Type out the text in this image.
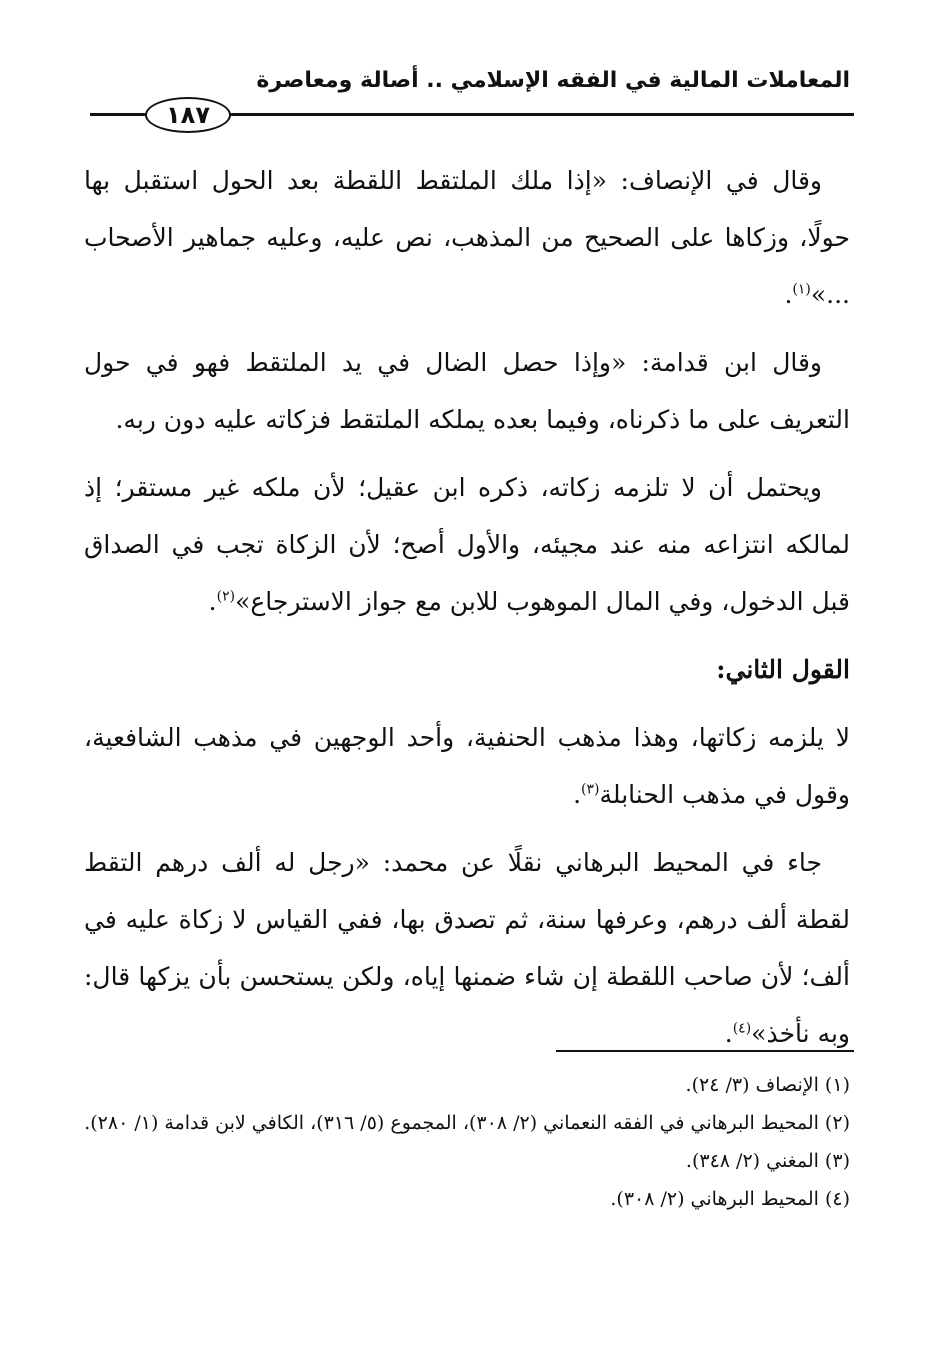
المعاملات المالية في الفقه الإسلامي .. أصالة ومعاصرة
١٨٧

وقال في الإنصاف: «إذا ملك الملتقط اللقطة بعد الحول استقبل بها حولًا، وزكاها على الصحيح من المذهب، نص عليه، وعليه جماهير الأصحاب ...»$^{(١)}$.

وقال ابن قدامة: «وإذا حصل الضال في يد الملتقط فهو في حول التعريف على ما ذكرناه، وفيما بعده يملكه الملتقط فزكاته عليه دون ربه.

ويحتمل أن لا تلزمه زكاته، ذكره ابن عقيل؛ لأن ملكه غير مستقر؛ إذ لمالكه انتزاعه منه عند مجيئه، والأول أصح؛ لأن الزكاة تجب في الصداق قبل الدخول، وفي المال الموهوب للابن مع جواز الاسترجاع»$^{(٢)}$.

القول الثاني:

لا يلزمه زكاتها، وهذا مذهب الحنفية، وأحد الوجهين في مذهب الشافعية، وقول في مذهب الحنابلة$^{(٣)}$.

جاء في المحيط البرهاني نقلًا عن محمد: «رجل له ألف درهم التقط لقطة ألف درهم، وعرفها سنة، ثم تصدق بها، ففي القياس لا زكاة عليه في ألف؛ لأن صاحب اللقطة إن شاء ضمنها إياه، ولكن يستحسن بأن يزكها قال: وبه نأخذ»$^{(٤)}$.

(١) الإنصاف (٣/ ٢٤).

(٢) المحيط البرهاني في الفقه النعماني (٢/ ٣٠٨)، المجموع (٥/ ٣١٦)، الكافي لابن قدامة (١/ ٢٨٠).

(٣) المغني (٢/ ٣٤٨).

(٤) المحيط البرهاني (٢/ ٣٠٨).
